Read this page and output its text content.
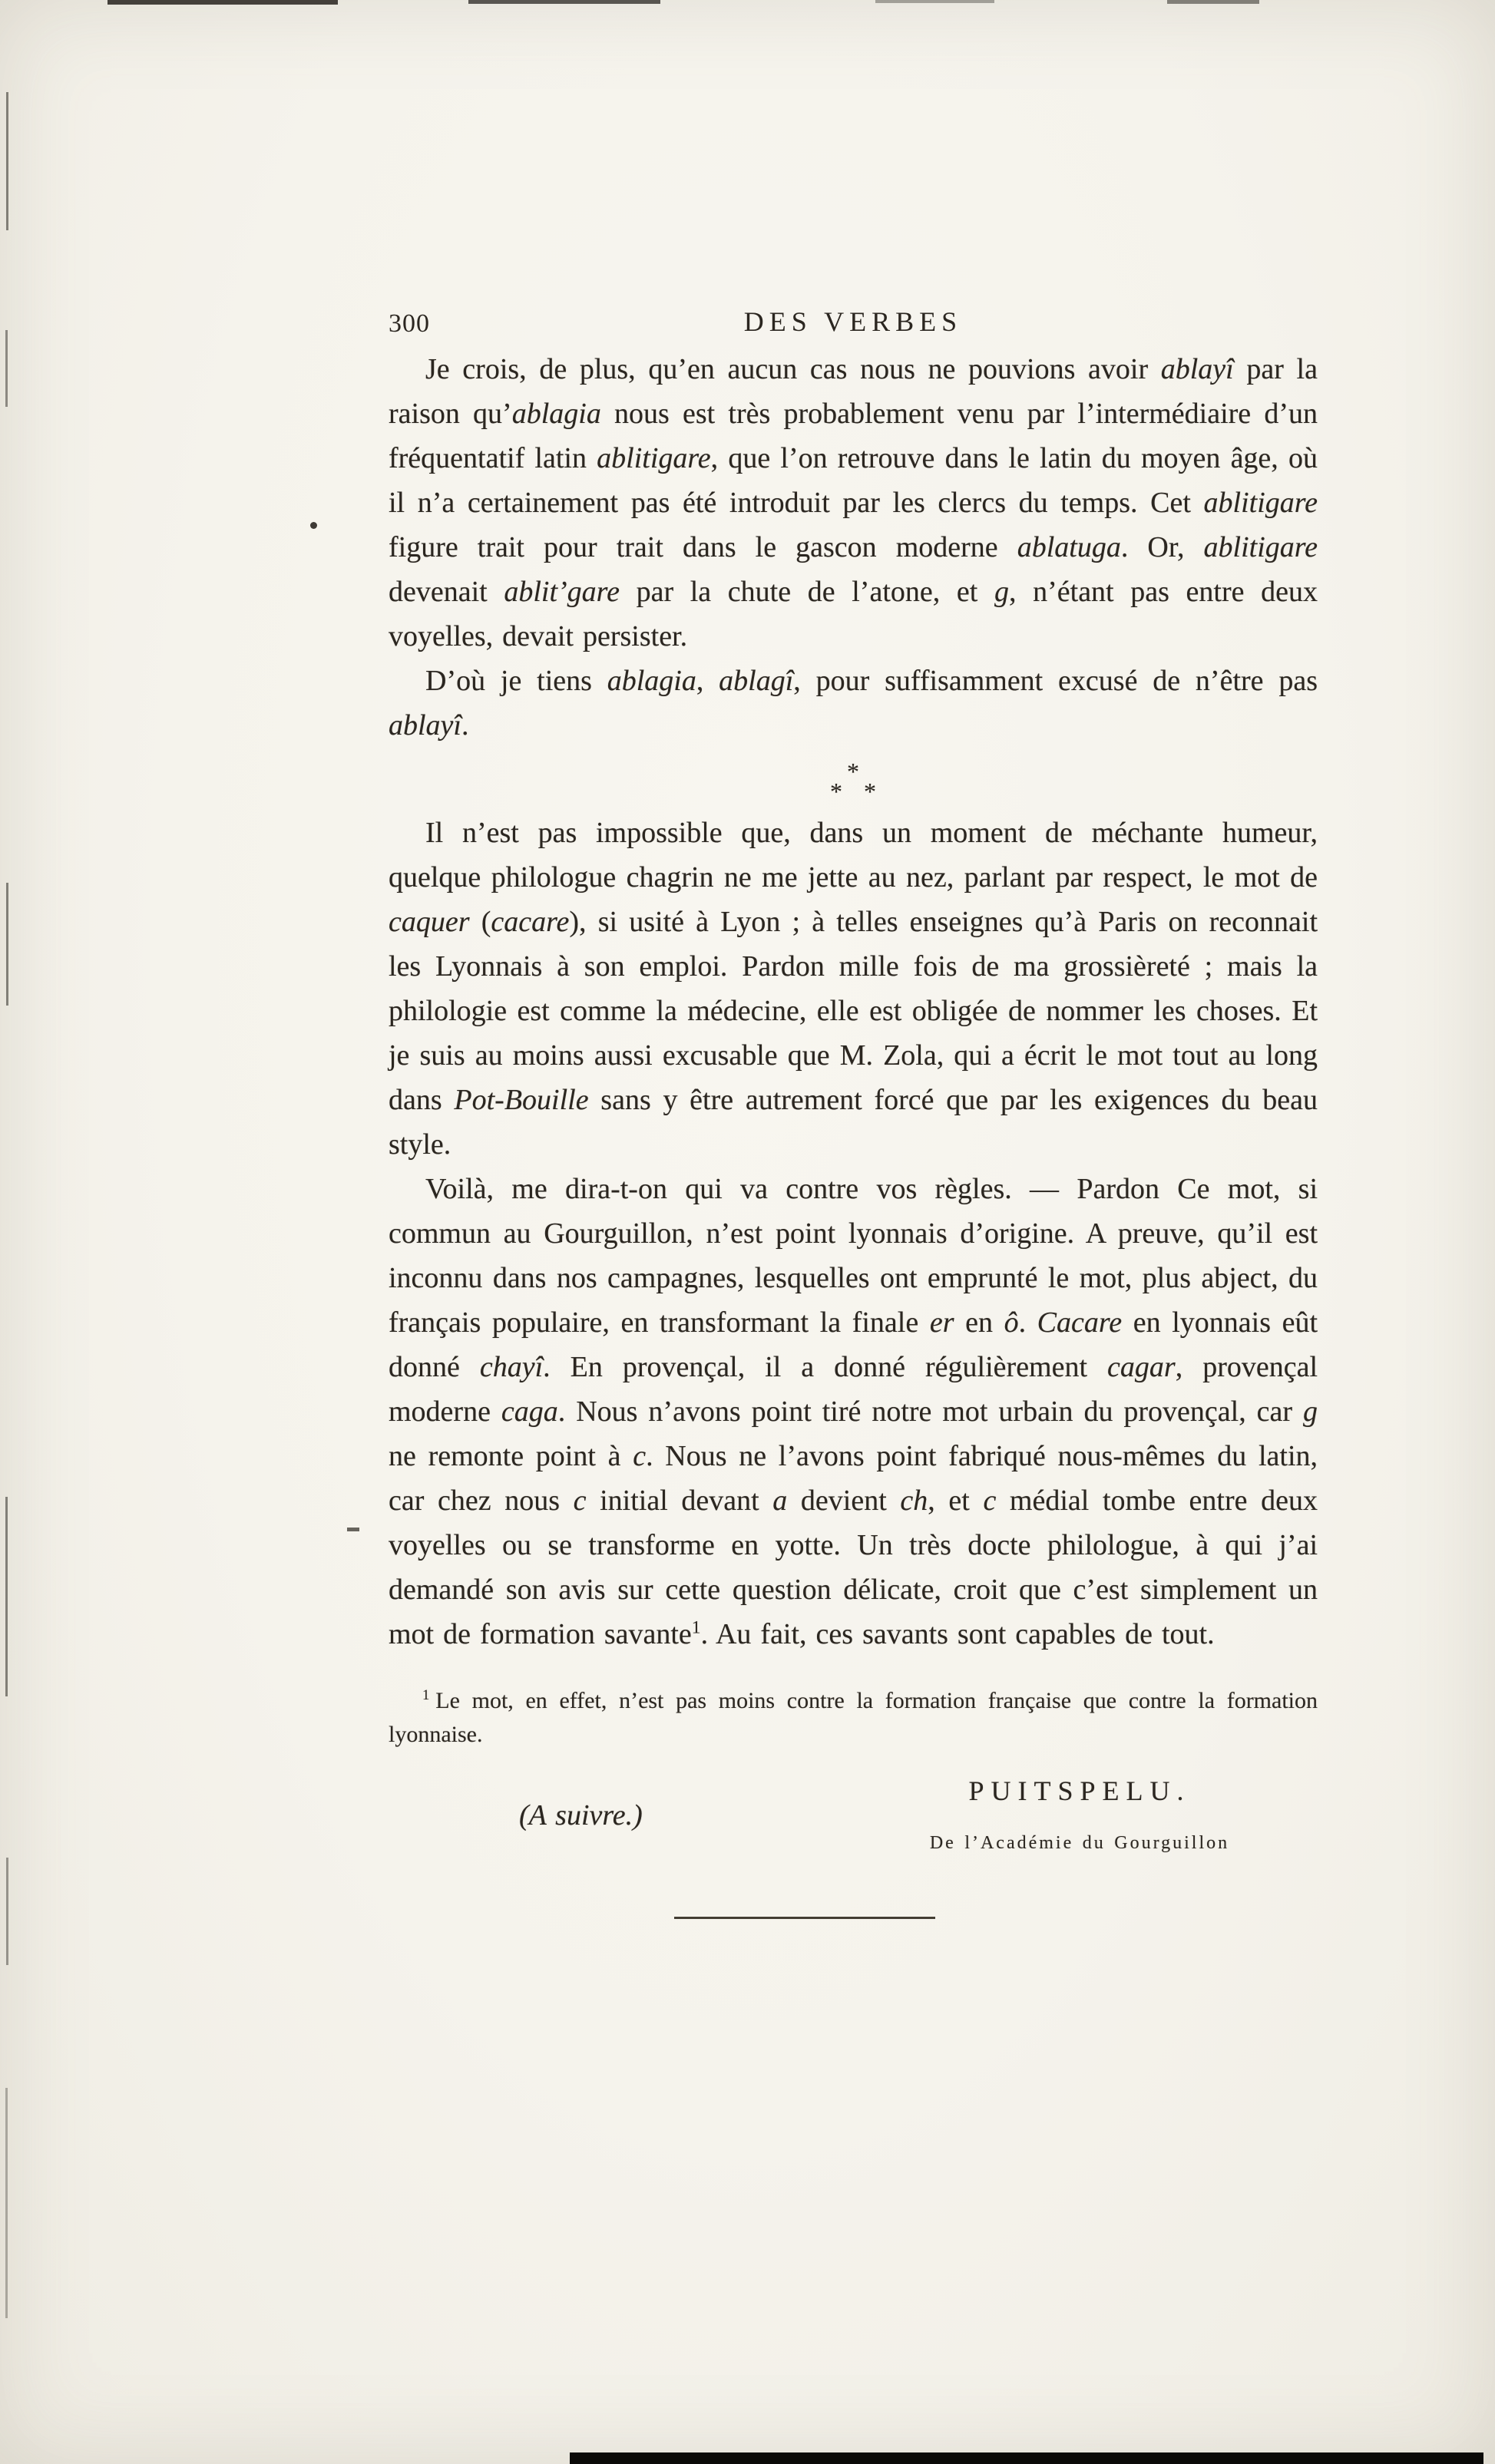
300	DES VERBES

Je crois, de plus, qu’en aucun cas nous ne pouvions avoir ablayî par la raison qu’ablagia nous est très probablement venu par l’intermédiaire d’un fréquentatif latin ablitigare, que l’on retrouve dans le latin du moyen âge, où il n’a certainement pas été introduit par les clercs du temps. Cet ablitigare figure trait pour trait dans le gascon moderne ablatuga. Or, ablitigare devenait ablit’gare par la chute de l’atone, et g, n’étant pas entre deux voyelles, devait persister.

D’où je tiens ablagia, ablagî, pour suffisamment excusé de n’être pas ablayî.

*
* *

Il n’est pas impossible que, dans un moment de méchante humeur, quelque philologue chagrin ne me jette au nez, parlant par respect, le mot de caquer (cacare), si usité à Lyon ; à telles enseignes qu’à Paris on reconnait les Lyonnais à son emploi. Pardon mille fois de ma grossièreté ; mais la philologie est comme la médecine, elle est obligée de nommer les choses. Et je suis au moins aussi excusable que M. Zola, qui a écrit le mot tout au long dans Pot-Bouille sans y être autrement forcé que par les exigences du beau style.

Voilà, me dira-t-on qui va contre vos règles. — Pardon Ce mot, si commun au Gourguillon, n’est point lyonnais d’origine. A preuve, qu’il est inconnu dans nos campagnes, lesquelles ont emprunté le mot, plus abject, du français populaire, en transformant la finale er en ô. Cacare en lyonnais eût donné chayî. En provençal, il a donné régulièrement cagar, provençal moderne caga. Nous n’avons point tiré notre mot urbain du provençal, car g ne remonte point à c. Nous ne l’avons point fabriqué nous-mêmes du latin, car chez nous c initial devant a devient ch, et c médial tombe entre deux voyelles ou se transforme en yotte. Un très docte philologue, à qui j’ai demandé son avis sur cette question délicate, croit que c’est simplement un mot de formation savante$^1$. Au fait, ces savants sont capables de tout.

$^1$ Le mot, en effet, n’est pas moins contre la formation française que contre la formation lyonnaise.

(A suivre.)
PUITSPELU.
De l’Académie du Gourguillon
